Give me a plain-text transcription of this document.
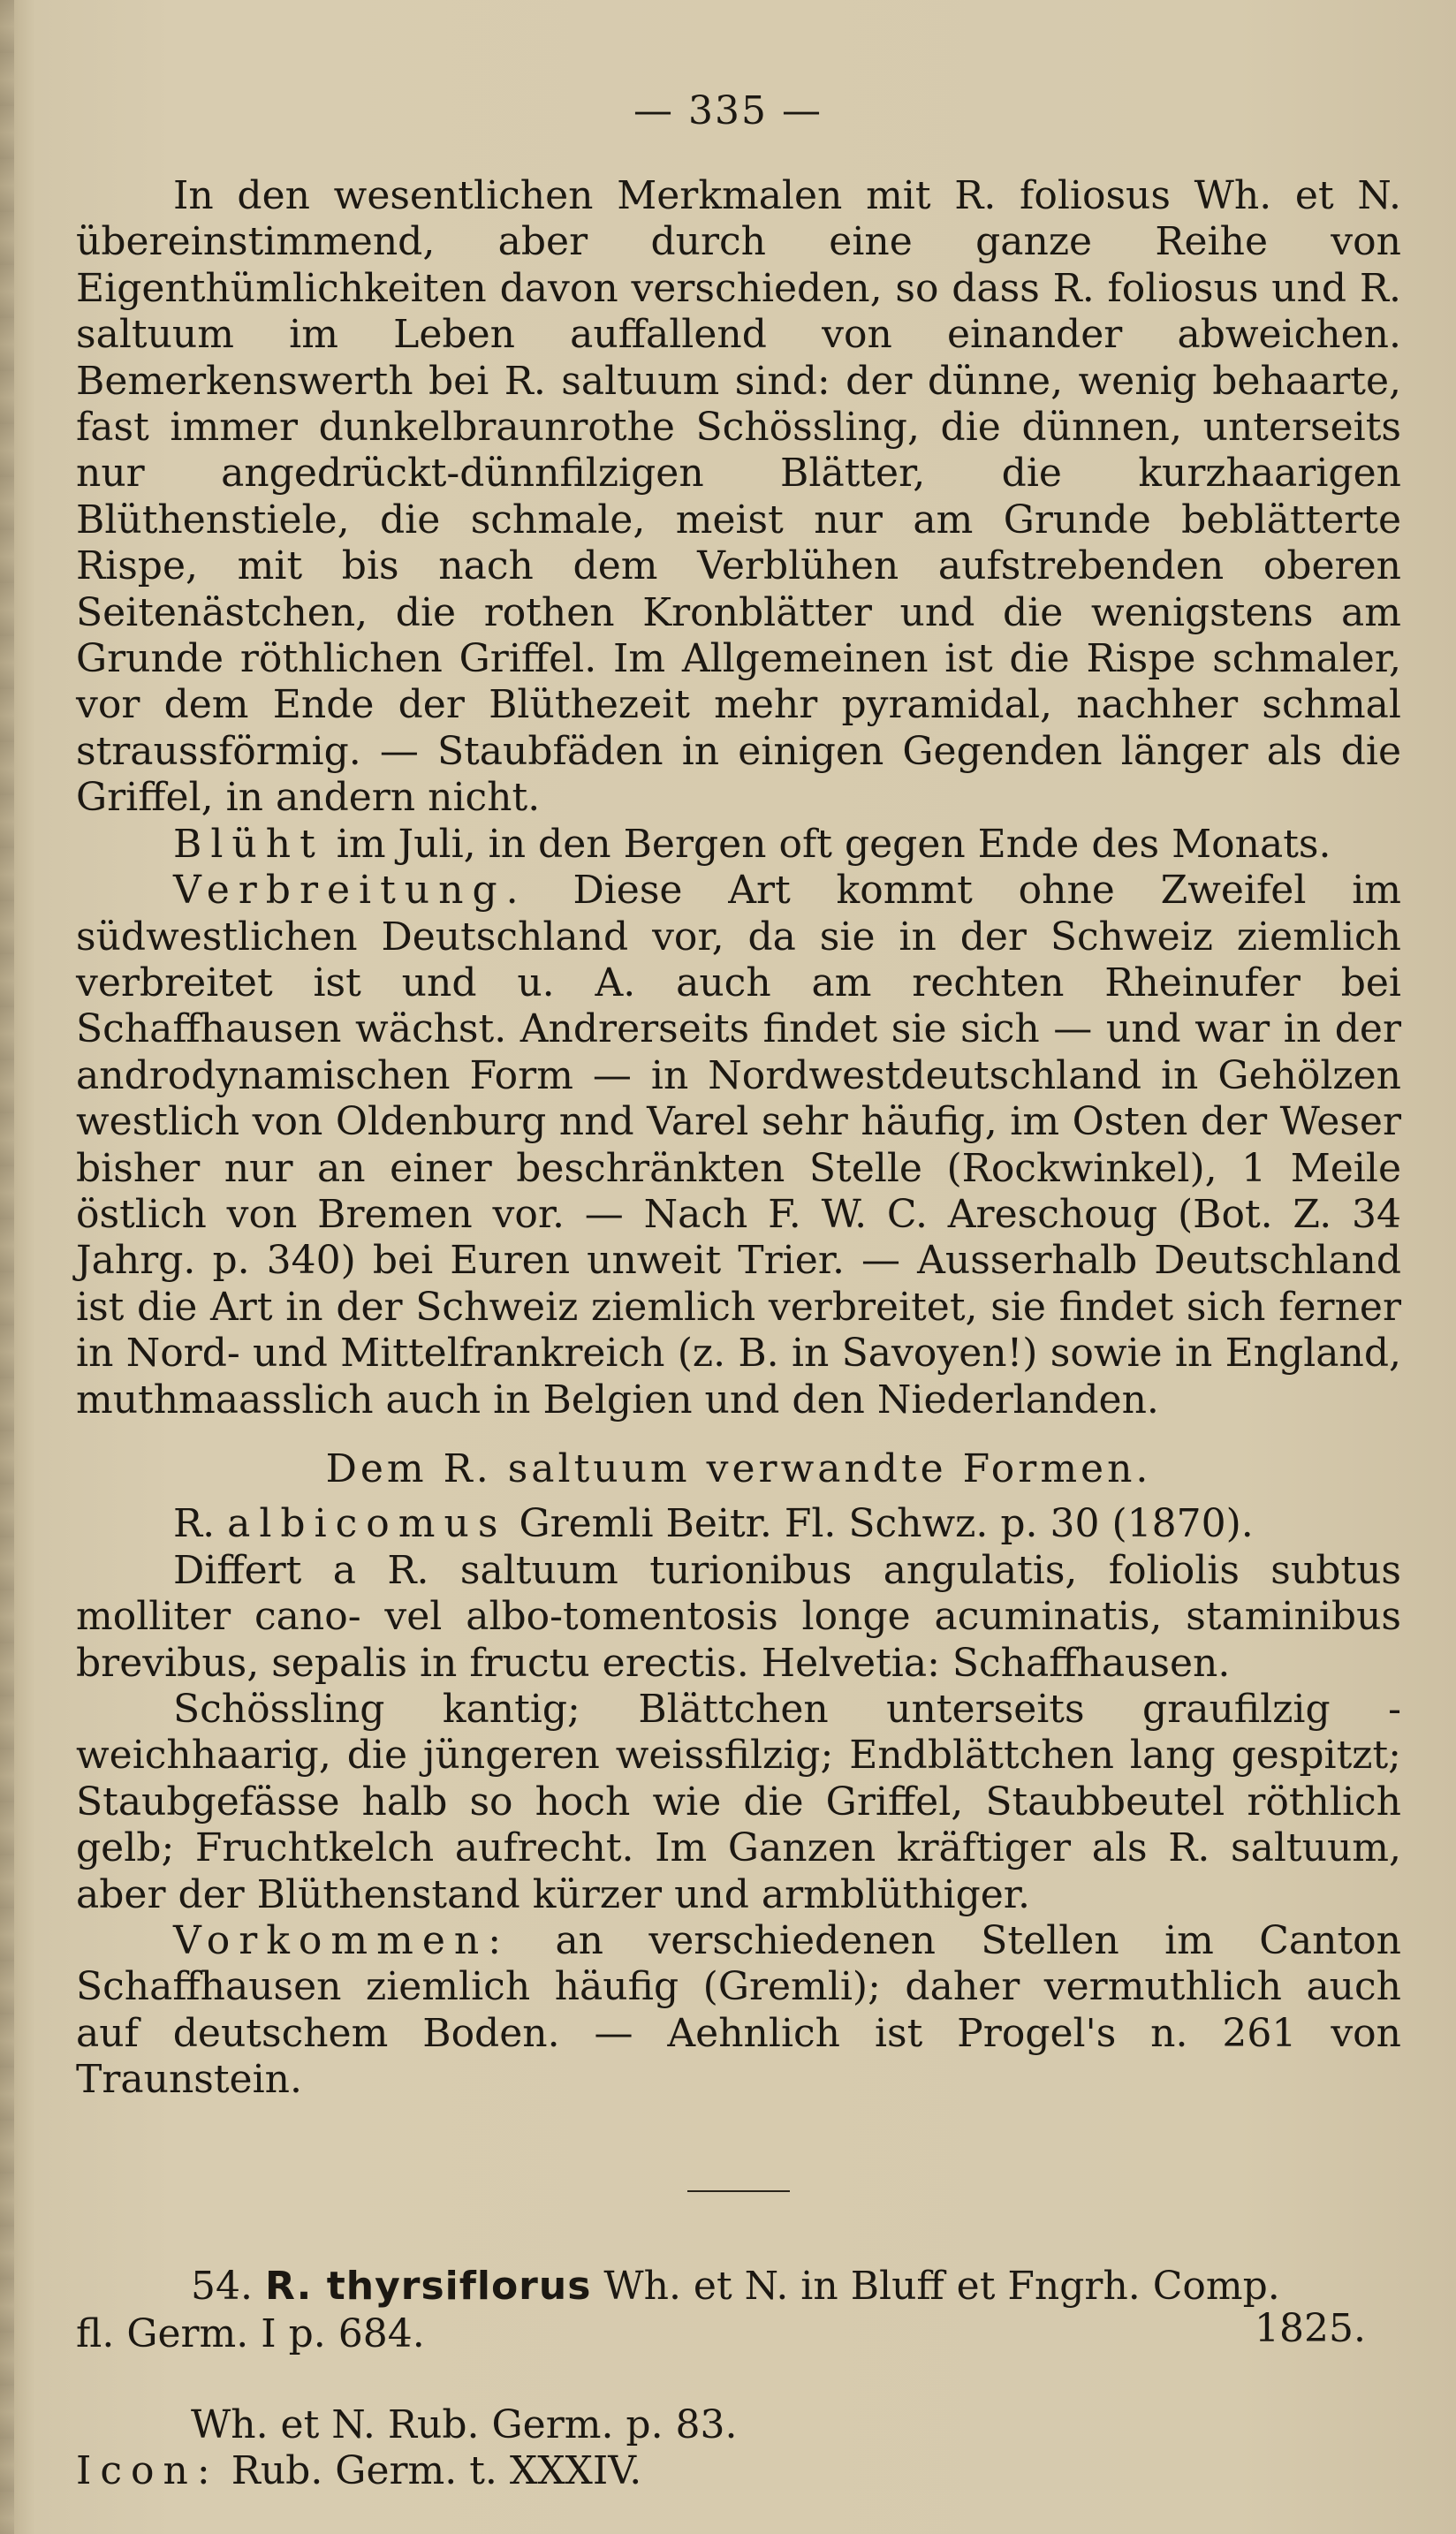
— 335 —

In den wesentlichen Merkmalen mit R. foliosus Wh. et N. übereinstimmend, aber durch eine ganze Reihe von Eigenthümlichkeiten davon verschieden, so dass R. foliosus und R. saltuum im Leben auffallend von einander abweichen. Bemerkenswerth bei R. saltuum sind: der dünne, wenig behaarte, fast immer dunkelbraunrothe Schössling, die dünnen, unterseits nur angedrückt-dünnfilzigen Blätter, die kurzhaarigen Blüthenstiele, die schmale, meist nur am Grunde beblätterte Rispe, mit bis nach dem Verblühen aufstrebenden oberen Seitenästchen, die rothen Kronblätter und die wenigstens am Grunde röthlichen Griffel. Im Allgemeinen ist die Rispe schmaler, vor dem Ende der Blüthezeit mehr pyramidal, nachher schmal straussförmig. — Staubfäden in einigen Gegenden länger als die Griffel, in andern nicht.

Blüht im Juli, in den Bergen oft gegen Ende des Monats.

Verbreitung. Diese Art kommt ohne Zweifel im südwestlichen Deutschland vor, da sie in der Schweiz ziemlich verbreitet ist und u. A. auch am rechten Rheinufer bei Schaffhausen wächst. Andrerseits findet sie sich — und war in der androdynamischen Form — in Nordwestdeutschland in Gehölzen westlich von Oldenburg nnd Varel sehr häufig, im Osten der Weser bisher nur an einer beschränkten Stelle (Rockwinkel), 1 Meile östlich von Bremen vor. — Nach F. W. C. Areschoug (Bot. Z. 34 Jahrg. p. 340) bei Euren unweit Trier. — Ausserhalb Deutschland ist die Art in der Schweiz ziemlich verbreitet, sie findet sich ferner in Nord- und Mittelfrankreich (z. B. in Savoyen!) sowie in England, muthmaasslich auch in Belgien und den Niederlanden.

Dem R. saltuum verwandte Formen.

R. albicomus Gremli Beitr. Fl. Schwz. p. 30 (1870).

Differt a R. saltuum turionibus angulatis, foliolis subtus molliter cano- vel albo-tomentosis longe acuminatis, staminibus brevibus, sepalis in fructu erectis. Helvetia: Schaffhausen.

Schössling kantig; Blättchen unterseits graufilzig - weichhaarig, die jüngeren weissfilzig; Endblättchen lang gespitzt; Staubgefässe halb so hoch wie die Griffel, Staubbeutel röthlich gelb; Fruchtkelch aufrecht. Im Ganzen kräftiger als R. saltuum, aber der Blüthenstand kürzer und armblüthiger.

Vorkommen: an verschiedenen Stellen im Canton Schaffhausen ziemlich häufig (Gremli); daher vermuthlich auch auf deutschem Boden. — Aehnlich ist Progel's n. 261 von Traunstein.

54. R. thyrsiflorus Wh. et N. in Bluff et Fngrh. Comp.
fl. Germ. I p. 684.	1825.

Wh. et N. Rub. Germ. p. 83.
Icon: Rub. Germ. t. XXXIV.
